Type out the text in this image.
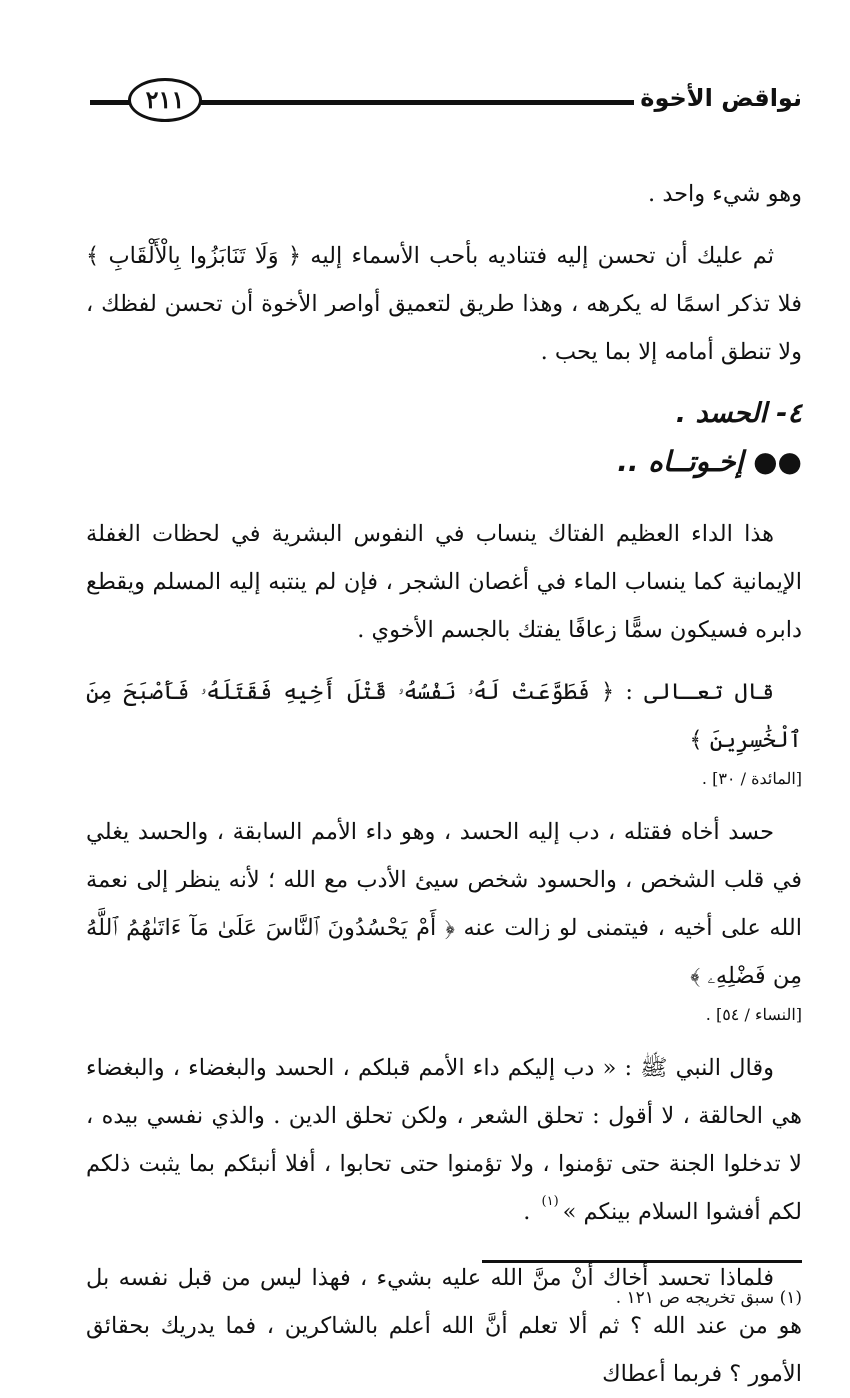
٢١١	نواقض الأخوة

وهو شيء واحد .

ثم عليك أن تحسن إليه فتناديه بأحب الأسماء إليه ﴿ وَلَا تَنَابَزُوا بِالْأَلْقَابِ ﴾ فلا تذكر اسمًا له يكرهه ، وهذا طريق لتعميق أواصر الأخوة أن تحسن لفظك ، ولا تنطق أمامه إلا بما يحب .

٤- الحسد .

●● إخـوتــاه ..

هذا الداء العظيم الفتاك ينساب في النفوس البشرية في لحظات الغفلة الإيمانية كما ينساب الماء في أغصان الشجر ، فإن لم ينتبه إليه المسلم ويقطع دابره فسيكون سمًّا زعافًا يفتك بالجسم الأخوي .

قال تعـالى : ﴿ فَطَوَّعَتْ لَهُۥ نَفْسُهُۥ قَتْلَ أَخِيهِ فَقَتَلَهُۥ فَأَصْبَحَ مِنَ ٱلْخَٰسِرِينَ ﴾

[المائدة / ٣٠] .

حسد أخاه فقتله ، دب إليه الحسد ، وهو داء الأمم السابقة ، والحسد يغلي في قلب الشخص ، والحسود شخص سيئ الأدب مع الله ؛ لأنه ينظر إلى نعمة الله على أخيه ، فيتمنى لو زالت عنه ﴿ أَمْ يَحْسُدُونَ ٱلنَّاسَ عَلَىٰ مَآ ءَاتَىٰهُمُ ٱللَّهُ مِن فَضْلِهِۦ ﴾

[النساء / ٥٤] .

وقال النبي ﷺ : « دب إليكم داء الأمم قبلكم ، الحسد والبغضاء ، والبغضاء هي الحالقة ، لا أقول : تحلق الشعر ، ولكن تحلق الدين . والذي نفسي بيده ، لا تدخلوا الجنة حتى تؤمنوا ، ولا تؤمنوا حتى تحابوا ، أفلا أنبئكم بما يثبت ذلكم لكم أفشوا السلام بينكم »$^{(١)}$ .

فلماذا تحسد أخاك أنْ منَّ الله عليه بشيء ، فهذا ليس من قبل نفسه بل هو من عند الله ؟ ثم ألا تعلم أنَّ الله أعلم بالشاكرين ، فما يدريك بحقائق الأمور ؟ فربما أعطاك

(١) سبق تخريجه ص ١٢١ .
